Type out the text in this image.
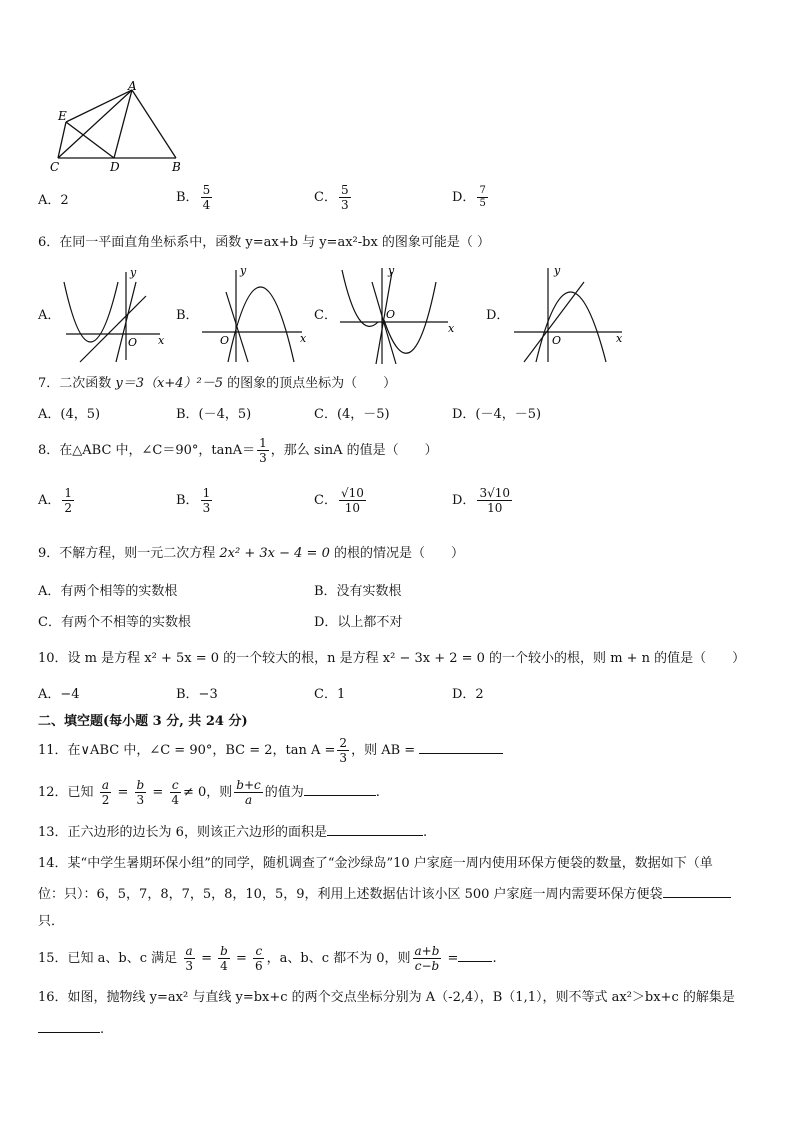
A
E
C	D	B
A．2	B． $\frac{5}{4}$	C． $\frac{5}{3}$	D． $\frac{7}{5}$
6．在同一平面直角坐标系中，函数 y=ax+b 与 y=ax²-bx 的图象可能是（ ）
A．
y
x
O
B．
y
x
O
C．
y
x
O	D．
y
x
O
7．二次函数 y＝3（x+4）²－5 的图象的顶点坐标为（　　）
A．(4，5)	B．(－4，5)	C．(4，－5)	D．(－4，－5)
8．在△ABC 中，∠C＝90°，$\tan A= \frac{1}{3}$ ，那么 sinA 的值是（　　）
A． $\frac{1}{2}$	B． $\frac{1}{3}$	C． $\frac{√10}{10}$	D． $\frac{3√10}{10}$
9．不解方程，则一元二次方程 2x² + 3x − 4 = 0 的根的情况是（　　）
A．有两个相等的实数根	B．没有实数根
C．有两个不相等的实数根	D．以上都不对
10．设 m 是方程 x² + 5x = 0 的一个较大的根，n 是方程 x² − 3x + 2 = 0 的一个较小的根，则 m + n 的值是（　　）
A．−4	B．−3	C．1	D．2
二、填空题(每小题 3 分, 共 24 分)
11．在∨ABC 中，∠C = 90°，BC = 2，$\tan A = \frac{2}{3}$ ，则 AB =
12．已知 $\frac{a}{2} = \frac{b}{3} = \frac{c}{4} \ne 0$，则 $\frac{b+c}{a}$ 的值为	.
13．正六边形的边长为 6，则该正六边形的面积是	.
14．某“中学生暑期环保小组”的同学，随机调查了“金沙绿岛”10 户家庭一周内使用环保方便袋的数量，数据如下（单
位：只）：6，5，7，8，7，5，8，10，5，9，利用上述数据估计该小区 500 户家庭一周内需要环保方便袋
只．
15．已知 a、b、c 满足 $\frac{a}{3} = \frac{b}{4} = \frac{c}{6}$ ，a、b、c 都不为 0，则 $\frac{a+b}{c-b}$ =	.
16．如图，抛物线 y=ax² 与直线 y=bx+c 的两个交点坐标分别为 A（-2,4），B（1,1），则不等式 ax²＞bx+c 的解集是
.
